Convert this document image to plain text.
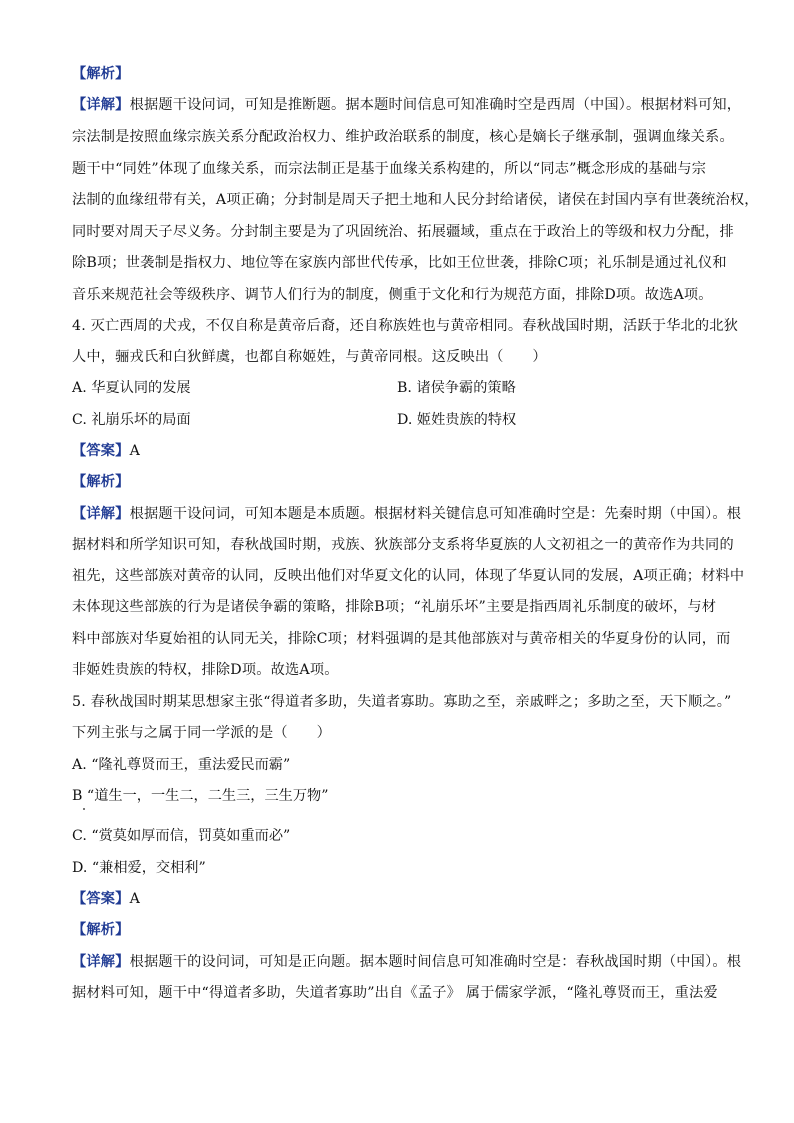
【解析】
【详解】根据题干设问词，可知是推断题。据本题时间信息可知准确时空是西周（中国）。根据材料可知，
宗法制是按照血缘宗族关系分配政治权力、维护政治联系的制度，核心是嫡长子继承制，强调血缘关系。
题干中“同姓”体现了血缘关系，而宗法制正是基于血缘关系构建的，所以“同志”概念形成的基础与宗
法制的血缘纽带有关，A项正确；分封制是周天子把土地和人民分封给诸侯，诸侯在封国内享有世袭统治权，
同时要对周天子尽义务。分封制主要是为了巩固统治、拓展疆域，重点在于政治上的等级和权力分配，排
除B项；世袭制是指权力、地位等在家族内部世代传承，比如王位世袭，排除C项；礼乐制是通过礼仪和
音乐来规范社会等级秩序、调节人们行为的制度，侧重于文化和行为规范方面，排除D项。故选A项。
4. 灭亡西周的犬戎，不仅自称是黄帝后裔，还自称族姓也与黄帝相同。春秋战国时期，活跃于华北的北狄
人中，骊戎氏和白狄鲜虞，也都自称姬姓，与黄帝同根。这反映出（　　）
A. 华夏认同的发展	B. 诸侯争霸的策略
C. 礼崩乐坏的局面	D. 姬姓贵族的特权
【答案】A
【解析】
【详解】根据题干设问词，可知本题是本质题。根据材料关键信息可知准确时空是：先秦时期（中国）。根
据材料和所学知识可知，春秋战国时期，戎族、狄族部分支系将华夏族的人文初祖之一的黄帝作为共同的
祖先，这些部族对黄帝的认同，反映出他们对华夏文化的认同，体现了华夏认同的发展，A项正确；材料中
未体现这些部族的行为是诸侯争霸的策略，排除B项；“礼崩乐坏”主要是指西周礼乐制度的破坏，与材
料中部族对华夏始祖的认同无关，排除C项；材料强调的是其他部族对与黄帝相关的华夏身份的认同，而
非姬姓贵族的特权，排除D项。故选A项。
5. 春秋战国时期某思想家主张“得道者多助，失道者寡助。寡助之至，亲戚畔之；多助之至，天下顺之。”
下列主张与之属于同一学派的是（　　）
A. “隆礼尊贤而王，重法爱民而霸”
B “道生一，一生二，二生三，三生万物”
C. “赏莫如厚而信，罚莫如重而必”
D. “兼相爱，交相利”
【答案】A
【解析】
【详解】根据题干的设问词，可知是正向题。据本题时间信息可知准确时空是：春秋战国时期（中国）。根
据材料可知，题干中“得道者多助，失道者寡助”出自《孟子》 属于儒家学派，“隆礼尊贤而王，重法爱
